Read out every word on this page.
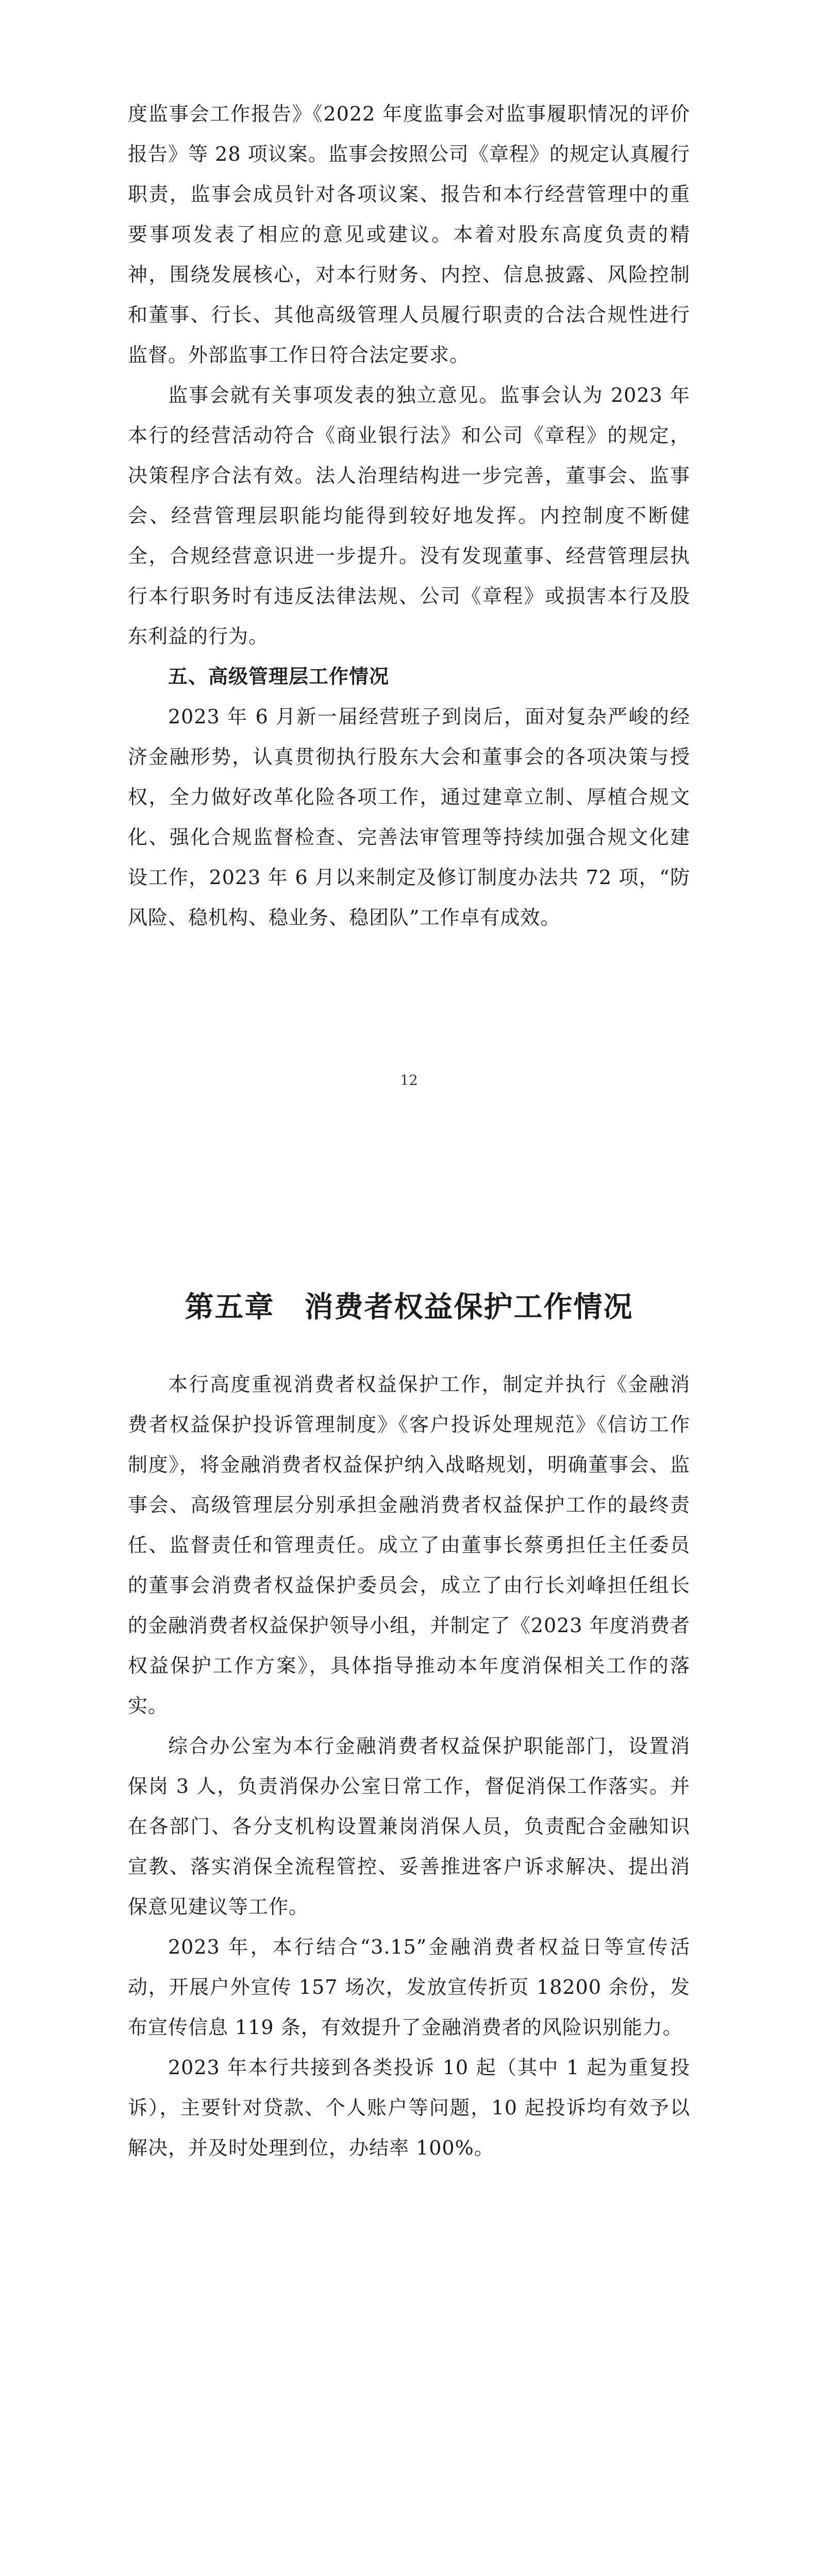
度监事会工作报告》《2022 年度监事会对监事履职情况的评价报告》等 28 项议案。监事会按照公司《章程》的规定认真履行职责，监事会成员针对各项议案、报告和本行经营管理中的重要事项发表了相应的意见或建议。本着对股东高度负责的精神，围绕发展核心，对本行财务、内控、信息披露、风险控制和董事、行长、其他高级管理人员履行职责的合法合规性进行监督。外部监事工作日符合法定要求。

监事会就有关事项发表的独立意见。监事会认为 2023 年本行的经营活动符合《商业银行法》和公司《章程》的规定，决策程序合法有效。法人治理结构进一步完善，董事会、监事会、经营管理层职能均能得到较好地发挥。内控制度不断健全，合规经营意识进一步提升。没有发现董事、经营管理层执行本行职务时有违反法律法规、公司《章程》或损害本行及股东利益的行为。

五、高级管理层工作情况

2023 年 6 月新一届经营班子到岗后，面对复杂严峻的经济金融形势，认真贯彻执行股东大会和董事会的各项决策与授权，全力做好改革化险各项工作，通过建章立制、厚植合规文化、强化合规监督检查、完善法审管理等持续加强合规文化建设工作，2023 年 6 月以来制定及修订制度办法共 72 项，“防风险、稳机构、稳业务、稳团队”工作卓有成效。

12
第五章　消费者权益保护工作情况

本行高度重视消费者权益保护工作，制定并执行《金融消费者权益保护投诉管理制度》《客户投诉处理规范》《信访工作制度》，将金融消费者权益保护纳入战略规划，明确董事会、监事会、高级管理层分别承担金融消费者权益保护工作的最终责任、监督责任和管理责任。成立了由董事长蔡勇担任主任委员的董事会消费者权益保护委员会，成立了由行长刘峰担任组长的金融消费者权益保护领导小组，并制定了《2023 年度消费者权益保护工作方案》，具体指导推动本年度消保相关工作的落实。

综合办公室为本行金融消费者权益保护职能部门，设置消保岗 3 人，负责消保办公室日常工作，督促消保工作落实。并在各部门、各分支机构设置兼岗消保人员，负责配合金融知识宣教、落实消保全流程管控、妥善推进客户诉求解决、提出消保意见建议等工作。

2023 年，本行结合“3.15”金融消费者权益日等宣传活动，开展户外宣传 157 场次，发放宣传折页 18200 余份，发布宣传信息 119 条，有效提升了金融消费者的风险识别能力。

2023 年本行共接到各类投诉 10 起（其中 1 起为重复投诉），主要针对贷款、个人账户等问题，10 起投诉均有效予以解决，并及时处理到位，办结率 100%。
